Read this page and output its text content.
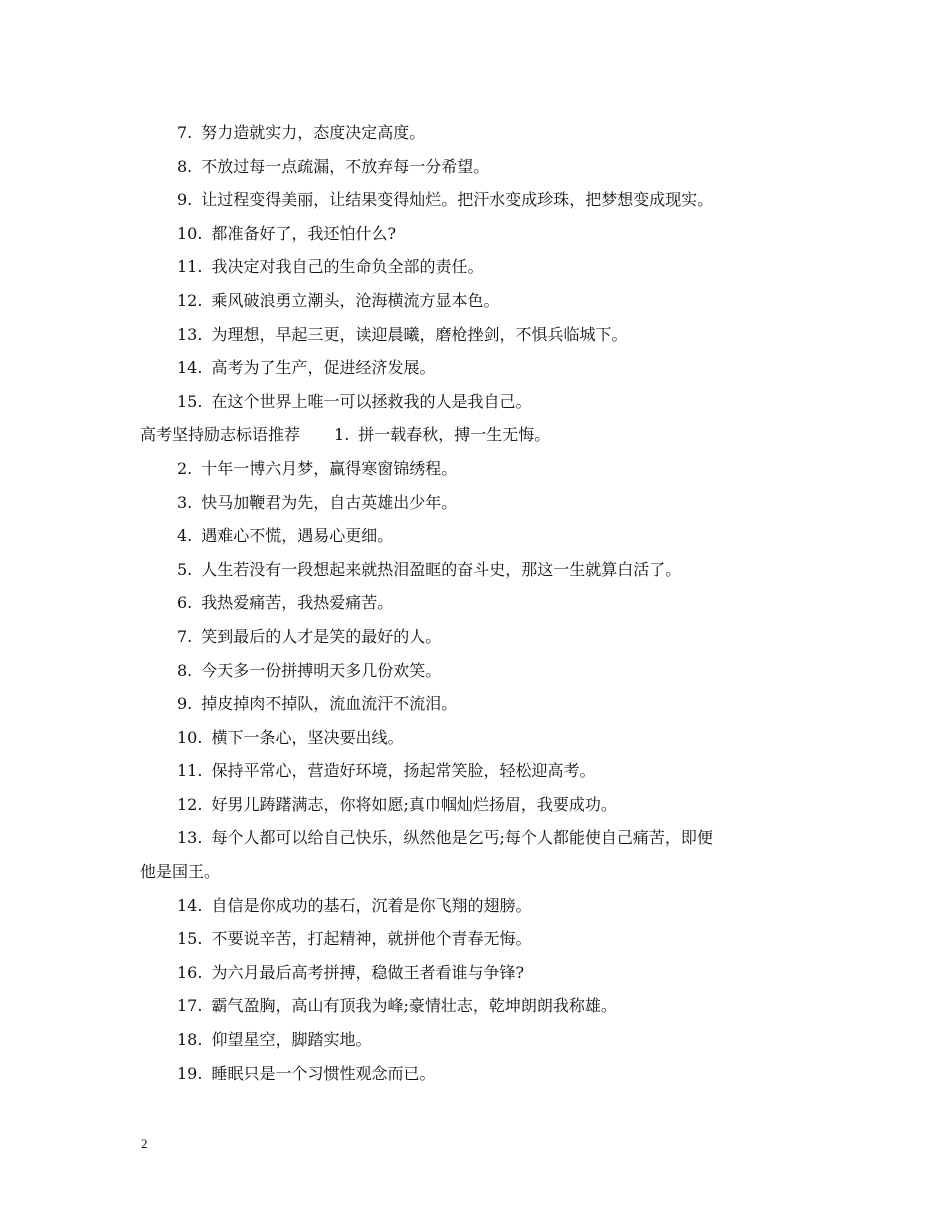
7. 努力造就实力，态度决定高度。
8. 不放过每一点疏漏，不放弃每一分希望。
9. 让过程变得美丽，让结果变得灿烂。把汗水变成珍珠，把梦想变成现实。
10. 都准备好了，我还怕什么?
11. 我决定对我自己的生命负全部的责任。
12. 乘风破浪勇立潮头，沧海横流方显本色。
13. 为理想，早起三更，读迎晨曦，磨枪挫剑，不惧兵临城下。
14. 高考为了生产，促进经济发展。
15. 在这个世界上唯一可以拯救我的人是我自己。
高考坚持励志标语推荐 1. 拼一载春秋，搏一生无悔。
2. 十年一博六月梦，赢得寒窗锦绣程。
3. 快马加鞭君为先，自古英雄出少年。
4. 遇难心不慌，遇易心更细。
5. 人生若没有一段想起来就热泪盈眶的奋斗史，那这一生就算白活了。
6. 我热爱痛苦，我热爱痛苦。
7. 笑到最后的人才是笑的最好的人。
8. 今天多一份拼搏明天多几份欢笑。
9. 掉皮掉肉不掉队，流血流汗不流泪。
10. 横下一条心，坚决要出线。
11. 保持平常心，营造好环境，扬起常笑脸，轻松迎高考。
12. 好男儿踌躇满志，你将如愿;真巾帼灿烂扬眉，我要成功。
13. 每个人都可以给自己快乐，纵然他是乞丐;每个人都能使自己痛苦，即便
他是国王。
14. 自信是你成功的基石，沉着是你飞翔的翅膀。
15. 不要说辛苦，打起精神，就拼他个青春无悔。
16. 为六月最后高考拼搏，稳做王者看谁与争锋?
17. 霸气盈胸，高山有顶我为峰;豪情壮志，乾坤朗朗我称雄。
18. 仰望星空，脚踏实地。
19. 睡眠只是一个习惯性观念而已。
2
